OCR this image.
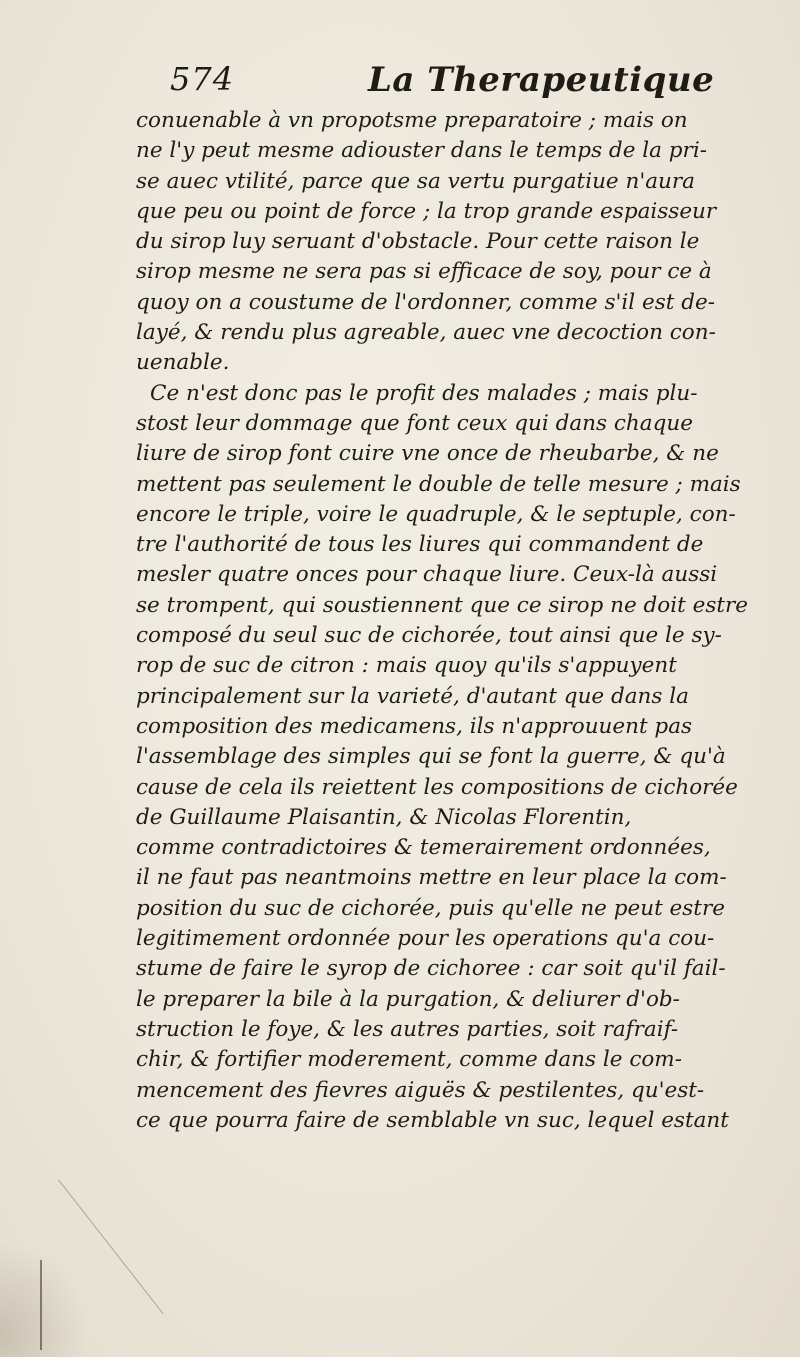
574	La Therapeutique
conuenable à vn propotsme preparatoire ; mais on
ne l'y peut mesme adiouster dans le temps de la pri-
se auec vtilité, parce que sa vertu purgatiue n'aura
que peu ou point de force ; la trop grande espaisseur
du sirop luy seruant d'obstacle. Pour cette raison le
sirop mesme ne sera pas si efficace de soy, pour ce à
quoy on a coustume de l'ordonner, comme s'il est de-
layé, & rendu plus agreable, auec vne decoction con-
uenable.
Ce n'est donc pas le profit des malades ; mais plu-
stost leur dommage que font ceux qui dans chaque
liure de sirop font cuire vne once de rheubarbe, & ne
mettent pas seulement le double de telle mesure ; mais
encore le triple, voire le quadruple, & le septuple, con-
tre l'authorité de tous les liures qui commandent de
mesler quatre onces pour chaque liure. Ceux-là aussi
se trompent, qui soustiennent que ce sirop ne doit estre
composé du seul suc de cichorée, tout ainsi que le sy-
rop de suc de citron : mais quoy qu'ils s'appuyent
principalement sur la varieté, d'autant que dans la
composition des medicamens, ils n'approuuent pas
l'assemblage des simples qui se font la guerre, & qu'à
cause de cela ils reiettent les compositions de cichorée
de Guillaume Plaisantin, & Nicolas Florentin,
comme contradictoires & temerairement ordonnées,
il ne faut pas neantmoins mettre en leur place la com-
position du suc de cichorée, puis qu'elle ne peut estre
legitimement ordonnée pour les operations qu'a cou-
stume de faire le syrop de cichoree : car soit qu'il fail-
le preparer la bile à la purgation, & deliurer d'ob-
struction le foye, & les autres parties, soit rafraif-
chir, & fortifier moderement, comme dans le com-
mencement des fievres aiguës & pestilentes, qu'est-
ce que pourra faire de semblable vn suc, lequel estant
